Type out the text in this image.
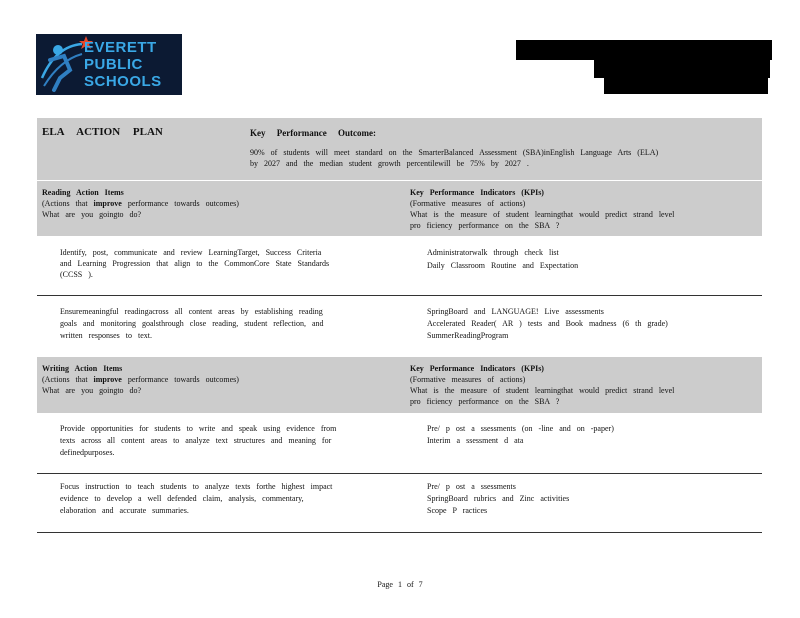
EVERETT
PUBLIC
SCHOOLS
ELA ACTION PLAN	Key Performance Outcome:
90% of students will meet standard on the SmarterBalanced Assessment (SBA)inEnglish Language Arts (ELA)
by 2027 and the median student growth percentilewill be 75% by 2027 .
Reading Action Items
(Actions that improve performance towards outcomes)
What are you goingto do?
Key Performance Indicators (KPIs)
(Formative measures of actions)
What is the measure of student learningthat would predict strand level
pro ficiency performance on the SBA ?
Identify, post, communicate and review LearningTarget, Success Criteria
and Learning Progression that align to the CommonCore State Standards
(CCSS ).
Administratorwalk through check list
Daily Classroom Routine and Expectation
Ensuremeaningful readingacross all content areas by establishing reading
goals and monitoring goalsthrough close reading, student reflection, and
written responses to text.
SpringBoard and LANGUAGE! Live assessments
Accelerated Reader( AR ) tests and Book madness (6 th grade)
SummerReadingProgram
Writing Action Items
(Actions that improve performance towards outcomes)
What are you goingto do?
Key Performance Indicators (KPIs)
(Formative measures of actions)
What is the measure of student learningthat would predict strand level
pro ficiency performance on the SBA ?
Provide opportunities for students to write and speak using evidence from
texts across all content areas to analyze text structures and meaning for
definedpurposes.
Pre/ p ost a ssessments (on -line and on -paper)
Interim a ssessment d ata
Focus instruction to teach students to analyze texts forthe highest impact
evidence to develop a well defended claim, analysis, commentary,
elaboration and accurate summaries.
Pre/ p ost a ssessments
SpringBoard rubrics and Zinc activities
Scope P ractices
Page 1 of 7
